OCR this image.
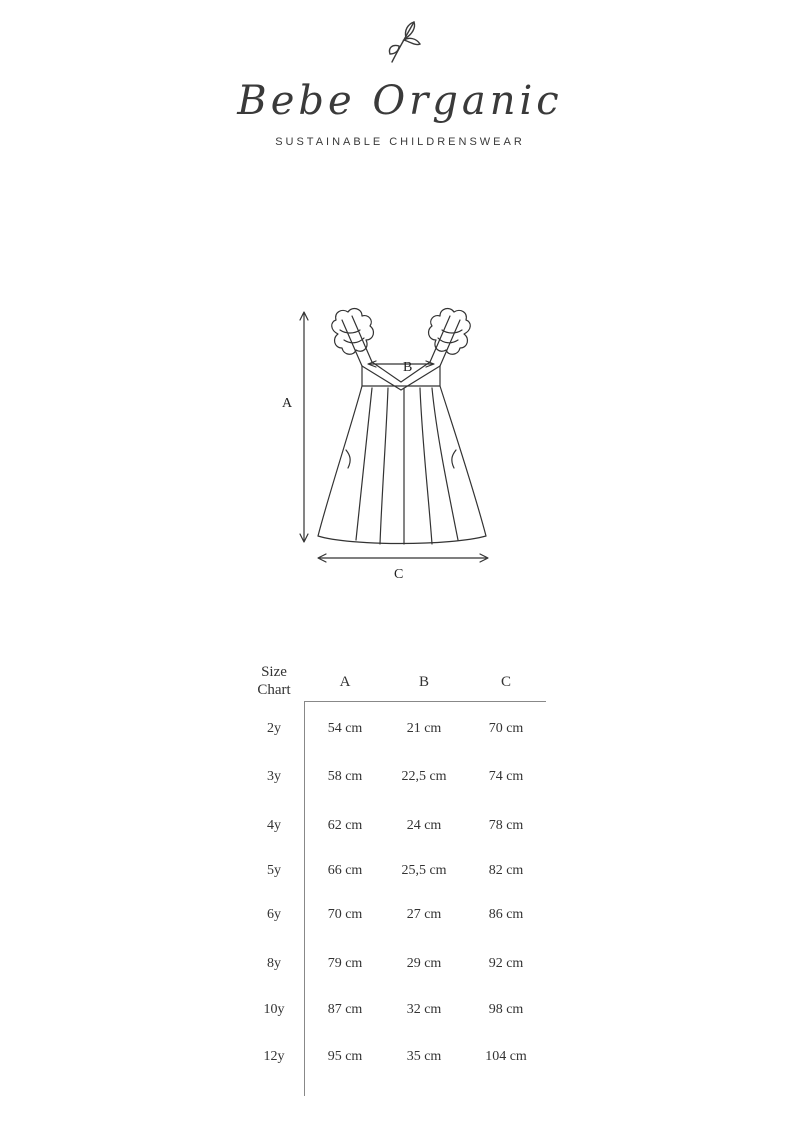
Bebe Organic
SUSTAINABLE CHILDRENSWEAR
A
B
C
Size
Chart	A	B	C
2y	54 cm	21 cm	70 cm
3y	58 cm	22,5 cm	74 cm
4y	62 cm	24 cm	78 cm
5y	66 cm	25,5 cm	82 cm
6y	70 cm	27 cm	86 cm
8y	79 cm	29 cm	92 cm
10y	87 cm	32 cm	98 cm
12y	95 cm	35 cm	104 cm
